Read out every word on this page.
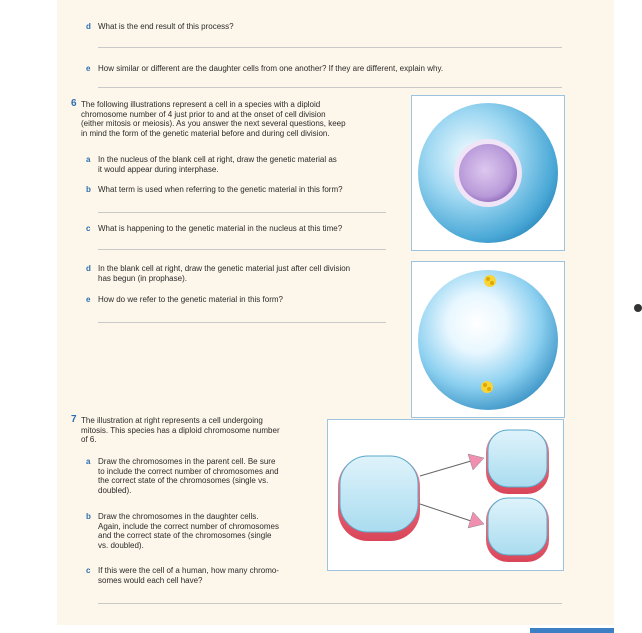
d What is the end result of this process?
e How similar or different are the daughter cells from one another? If they are different, explain why.
6 The following illustrations represent a cell in a species with a diploid
chromosome number of 4 just prior to and at the onset of cell division
(either mitosis or meiosis). As you answer the next several questions, keep
in mind the form of the genetic material before and during cell division.
a In the nucleus of the blank cell at right, draw the genetic material as
it would appear during interphase.
b What term is used when referring to the genetic material in this form?
c What is happening to the genetic material in the nucleus at this time?
d In the blank cell at right, draw the genetic material just after cell division
has begun (in prophase).
e How do we refer to the genetic material in this form?
7 The illustration at right represents a cell undergoing
mitosis. This species has a diploid chromosome number
of 6.
a Draw the chromosomes in the parent cell. Be sure
to include the correct number of chromosomes and
the correct state of the chromosomes (single vs.
doubled).
b Draw the chromosomes in the daughter cells.
Again, include the correct number of chromosomes
and the correct state of the chromosomes (single
vs. doubled).
c If this were the cell of a human, how many chromo-
somes would each cell have?
